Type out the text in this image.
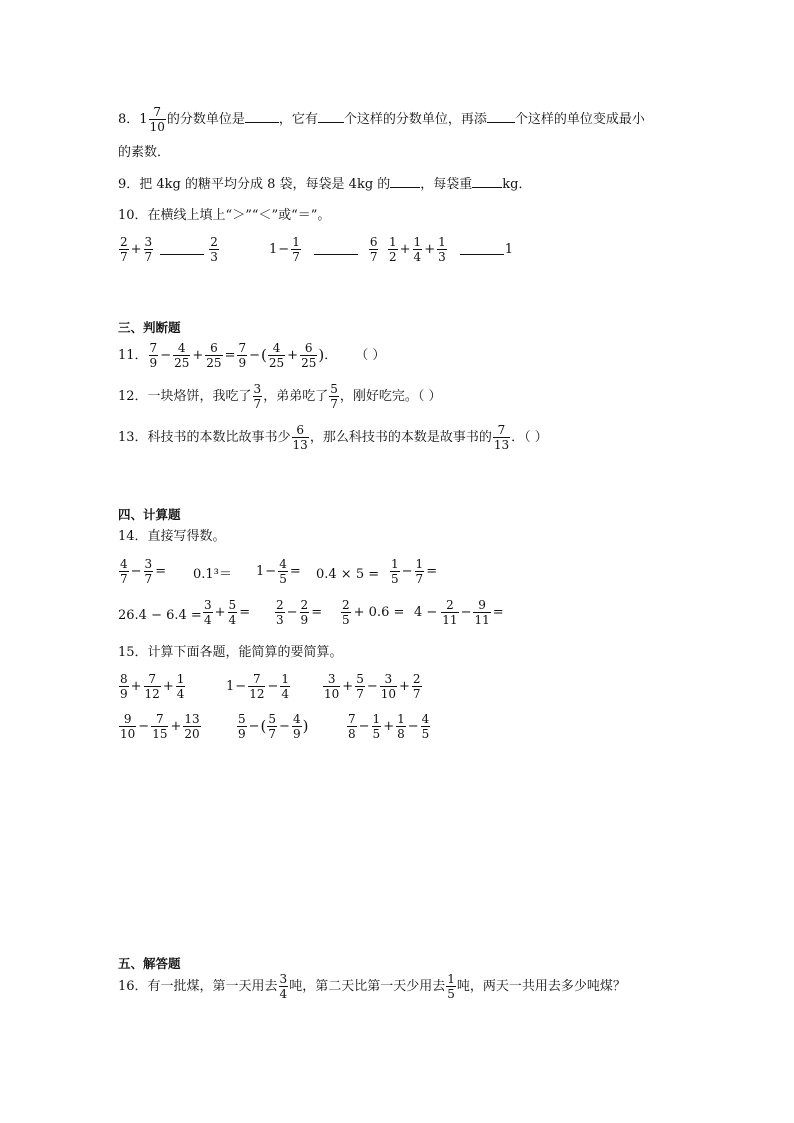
8．$1 \frac{7}{10}$ 的分数单位是	，它有 个这样的分数单位，再添 个这样的单位变成最小
的素数．
9．把 4kg 的糖平均分成 8 袋，每袋是 4kg 的 ，每袋重 kg．
10．在横线上填上“＞”“＜”或“＝”。
$\frac{2}{7} + \frac{3}{7}$	$\frac{2}{3}$	$1 - \frac{1}{7}$	$\frac{6}{7} \frac{1}{2} + \frac{1}{4} + \frac{1}{3}$	1
三、判断题
11． $\frac{7}{9} - \frac{4}{25} + \frac{6}{25} = \frac{7}{9}$ − ( $\frac{4}{25} + \frac{6}{25}$ ) ． （ ）
12．一块烙饼，我吃了 $\frac{3}{7}$ ，弟弟吃了 $\frac{5}{7}$ ，刚好吃完。（ ）
13．科技书的本数比故事书少 $\frac{6}{13}$ ，那么科技书的本数是故事书的 $\frac{7}{13}$ ．（ ）
四、计算题
14．直接写得数。
$\frac{4}{7} - \frac{3}{7} = 0.1^3= 1 - \frac{4}{5} = 0.4 \times 5 = \frac{1}{5} - \frac{1}{7}$ =
$26.4 - 6.4 = \frac{3}{4} + \frac{5}{4} = \frac{2}{3} - \frac{2}{9} = \frac{2}{5} + 0.6 = 4 - \frac{2}{11} - \frac{9}{11}$ =
15．计算下面各题，能简算的要简算。
$\frac{8}{9} + \frac{7}{12} + \frac{1}{4}$	$1 - \frac{7}{12} - \frac{1}{4}$	$\frac{3}{10} + \frac{5}{7} - \frac{3}{10} + \frac{2}{7}$
$\frac{9}{10} - \frac{7}{15} + \frac{13}{20}$	$\frac{5}{9}$ − ( $\frac{5}{7} - \frac{4}{9}$ )	$\frac{7}{8} - \frac{1}{5} + \frac{1}{8} - \frac{4}{5}$
五、解答题
16．有一批煤，第一天用去 $\frac{3}{4}$ 吨，第二天比第一天少用去 $\frac{1}{5}$ 吨，两天一共用去多少吨煤？
